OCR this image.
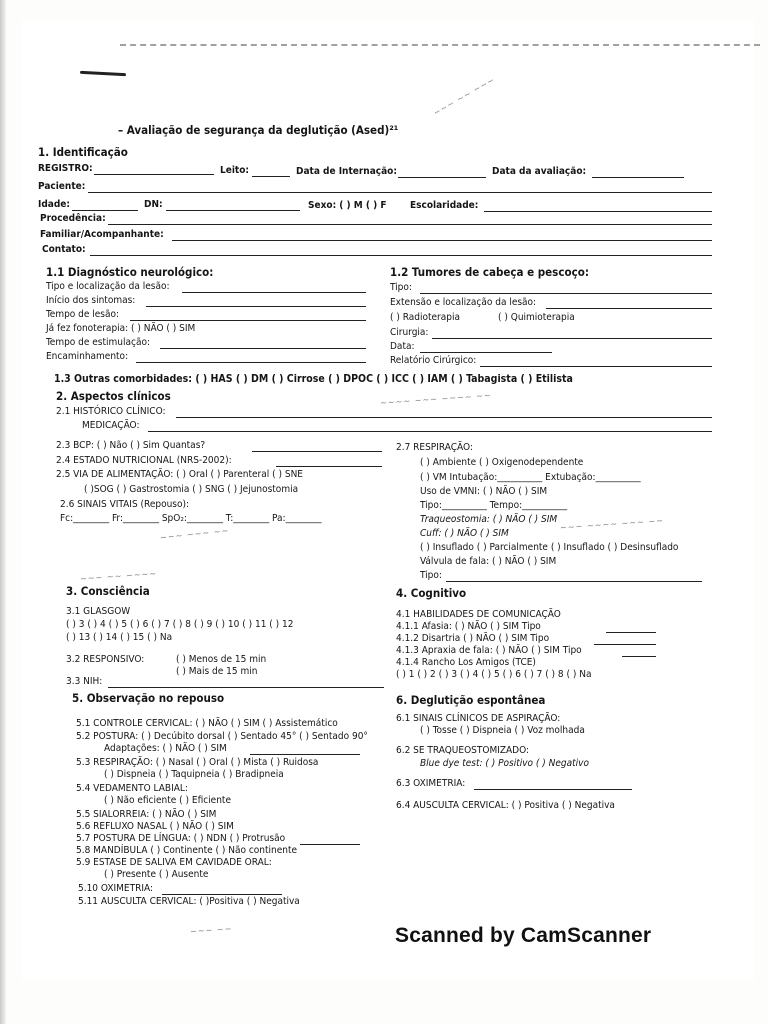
~~~ ~~ ~~~
~~~~ ~~~ ~~~~ ~~
~~~ ~~~~ ~~~ ~~
~~~ ~~~ ~~
~~~ ~~ ~~~~
~~~ ~~
– Avaliação de segurança da deglutição (Ased)²¹
1. Identificação
REGISTRO:	Leito:	Data de Internação:	Data da avaliação:
Paciente:
Idade:	DN:	Sexo: ( ) M ( ) F Escolaridade:
Procedência:
Familiar/Acompanhante:
Contato:
1.1 Diagnóstico neurológico:
Tipo e localização da lesão:
Início dos sintomas:
Tempo de lesão:
Já fez fonoterapia: ( ) NÃO ( ) SIM
Tempo de estimulação:
Encaminhamento:
1.2 Tumores de cabeça e pescoço:
Tipo:
Extensão e localização da lesão:
( ) Radioterapia	( ) Quimioterapia
Cirurgia:
Data:
Relatório Cirúrgico:
1.3 Outras comorbidades: ( ) HAS ( ) DM ( ) Cirrose ( ) DPOC ( ) ICC ( ) IAM ( ) Tabagista ( ) Etilista
2. Aspectos clínicos
2.1 HISTÓRICO CLÍNICO:
MEDICAÇÃO:
2.3 BCP: ( ) Não ( ) Sim Quantas?
2.4 ESTADO NUTRICIONAL (NRS-2002):
2.5 VIA DE ALIMENTAÇÃO: ( ) Oral ( ) Parenteral ( ) SNE
( )SOG ( ) Gastrostomia ( ) SNG ( ) Jejunostomia
2.6 SINAIS VITAIS (Repouso):
Fc:________ Fr:________ SpO₂:________ T:________ Pa:________
2.7 RESPIRAÇÃO:
( ) Ambiente ( ) Oxigenodependente
( ) VM Intubação:__________ Extubação:__________
Uso de VMNI: ( ) NÃO ( ) SIM
Tipo:__________ Tempo:__________
Traqueostomia: ( ) NÃO ( ) SIM
Cuff: ( ) NÃO ( ) SIM
( ) Insuflado ( ) Parcialmente ( ) Insuflado ( ) Desinsuflado
Válvula de fala: ( ) NÃO ( ) SIM
Tipo:
3. Consciência
3.1 GLASGOW
( ) 3 ( ) 4 ( ) 5 ( ) 6 ( ) 7 ( ) 8 ( ) 9 ( ) 10 ( ) 11 ( ) 12
( ) 13 ( ) 14 ( ) 15 ( ) Na
3.2 RESPONSIVO:	( ) Menos de 15 min
( ) Mais de 15 min
3.3 NIH:
4. Cognitivo
4.1 HABILIDADES DE COMUNICAÇÃO
4.1.1 Afasia: ( ) NÃO ( ) SIM Tipo
4.1.2 Disartria ( ) NÃO ( ) SIM Tipo
4.1.3 Apraxia de fala: ( ) NÃO ( ) SIM Tipo
4.1.4 Rancho Los Amigos (TCE)
( ) 1 ( ) 2 ( ) 3 ( ) 4 ( ) 5 ( ) 6 ( ) 7 ( ) 8 ( ) Na
5. Observação no repouso
5.1 CONTROLE CERVICAL: ( ) NÃO ( ) SIM ( ) Assistemático
5.2 POSTURA: ( ) Decúbito dorsal ( ) Sentado 45° ( ) Sentado 90°
Adaptações: ( ) NÃO ( ) SIM
5.3 RESPIRAÇÃO: ( ) Nasal ( ) Oral ( ) Mista ( ) Ruidosa
( ) Dispneia ( ) Taquipneia ( ) Bradipneia
5.4 VEDAMENTO LABIAL:
( ) Não eficiente ( ) Eficiente
5.5 SIALORREIA: ( ) NÃO ( ) SIM
5.6 REFLUXO NASAL ( ) NÃO ( ) SIM
5.7 POSTURA DE LÍNGUA: ( ) NDN ( ) Protrusão
5.8 MANDÍBULA ( ) Continente ( ) Não continente
5.9 ESTASE DE SALIVA EM CAVIDADE ORAL:
( ) Presente ( ) Ausente
5.10 OXIMETRIA:
5.11 AUSCULTA CERVICAL: ( )Positiva ( ) Negativa
6. Deglutição espontânea
6.1 SINAIS CLÍNICOS DE ASPIRAÇÃO:
( ) Tosse ( ) Dispneia ( ) Voz molhada
6.2 SE TRAQUEOSTOMIZADO:
Blue dye test: ( ) Positivo ( ) Negativo
6.3 OXIMETRIA:
6.4 AUSCULTA CERVICAL: ( ) Positiva ( ) Negativa
Scanned by CamScanner
